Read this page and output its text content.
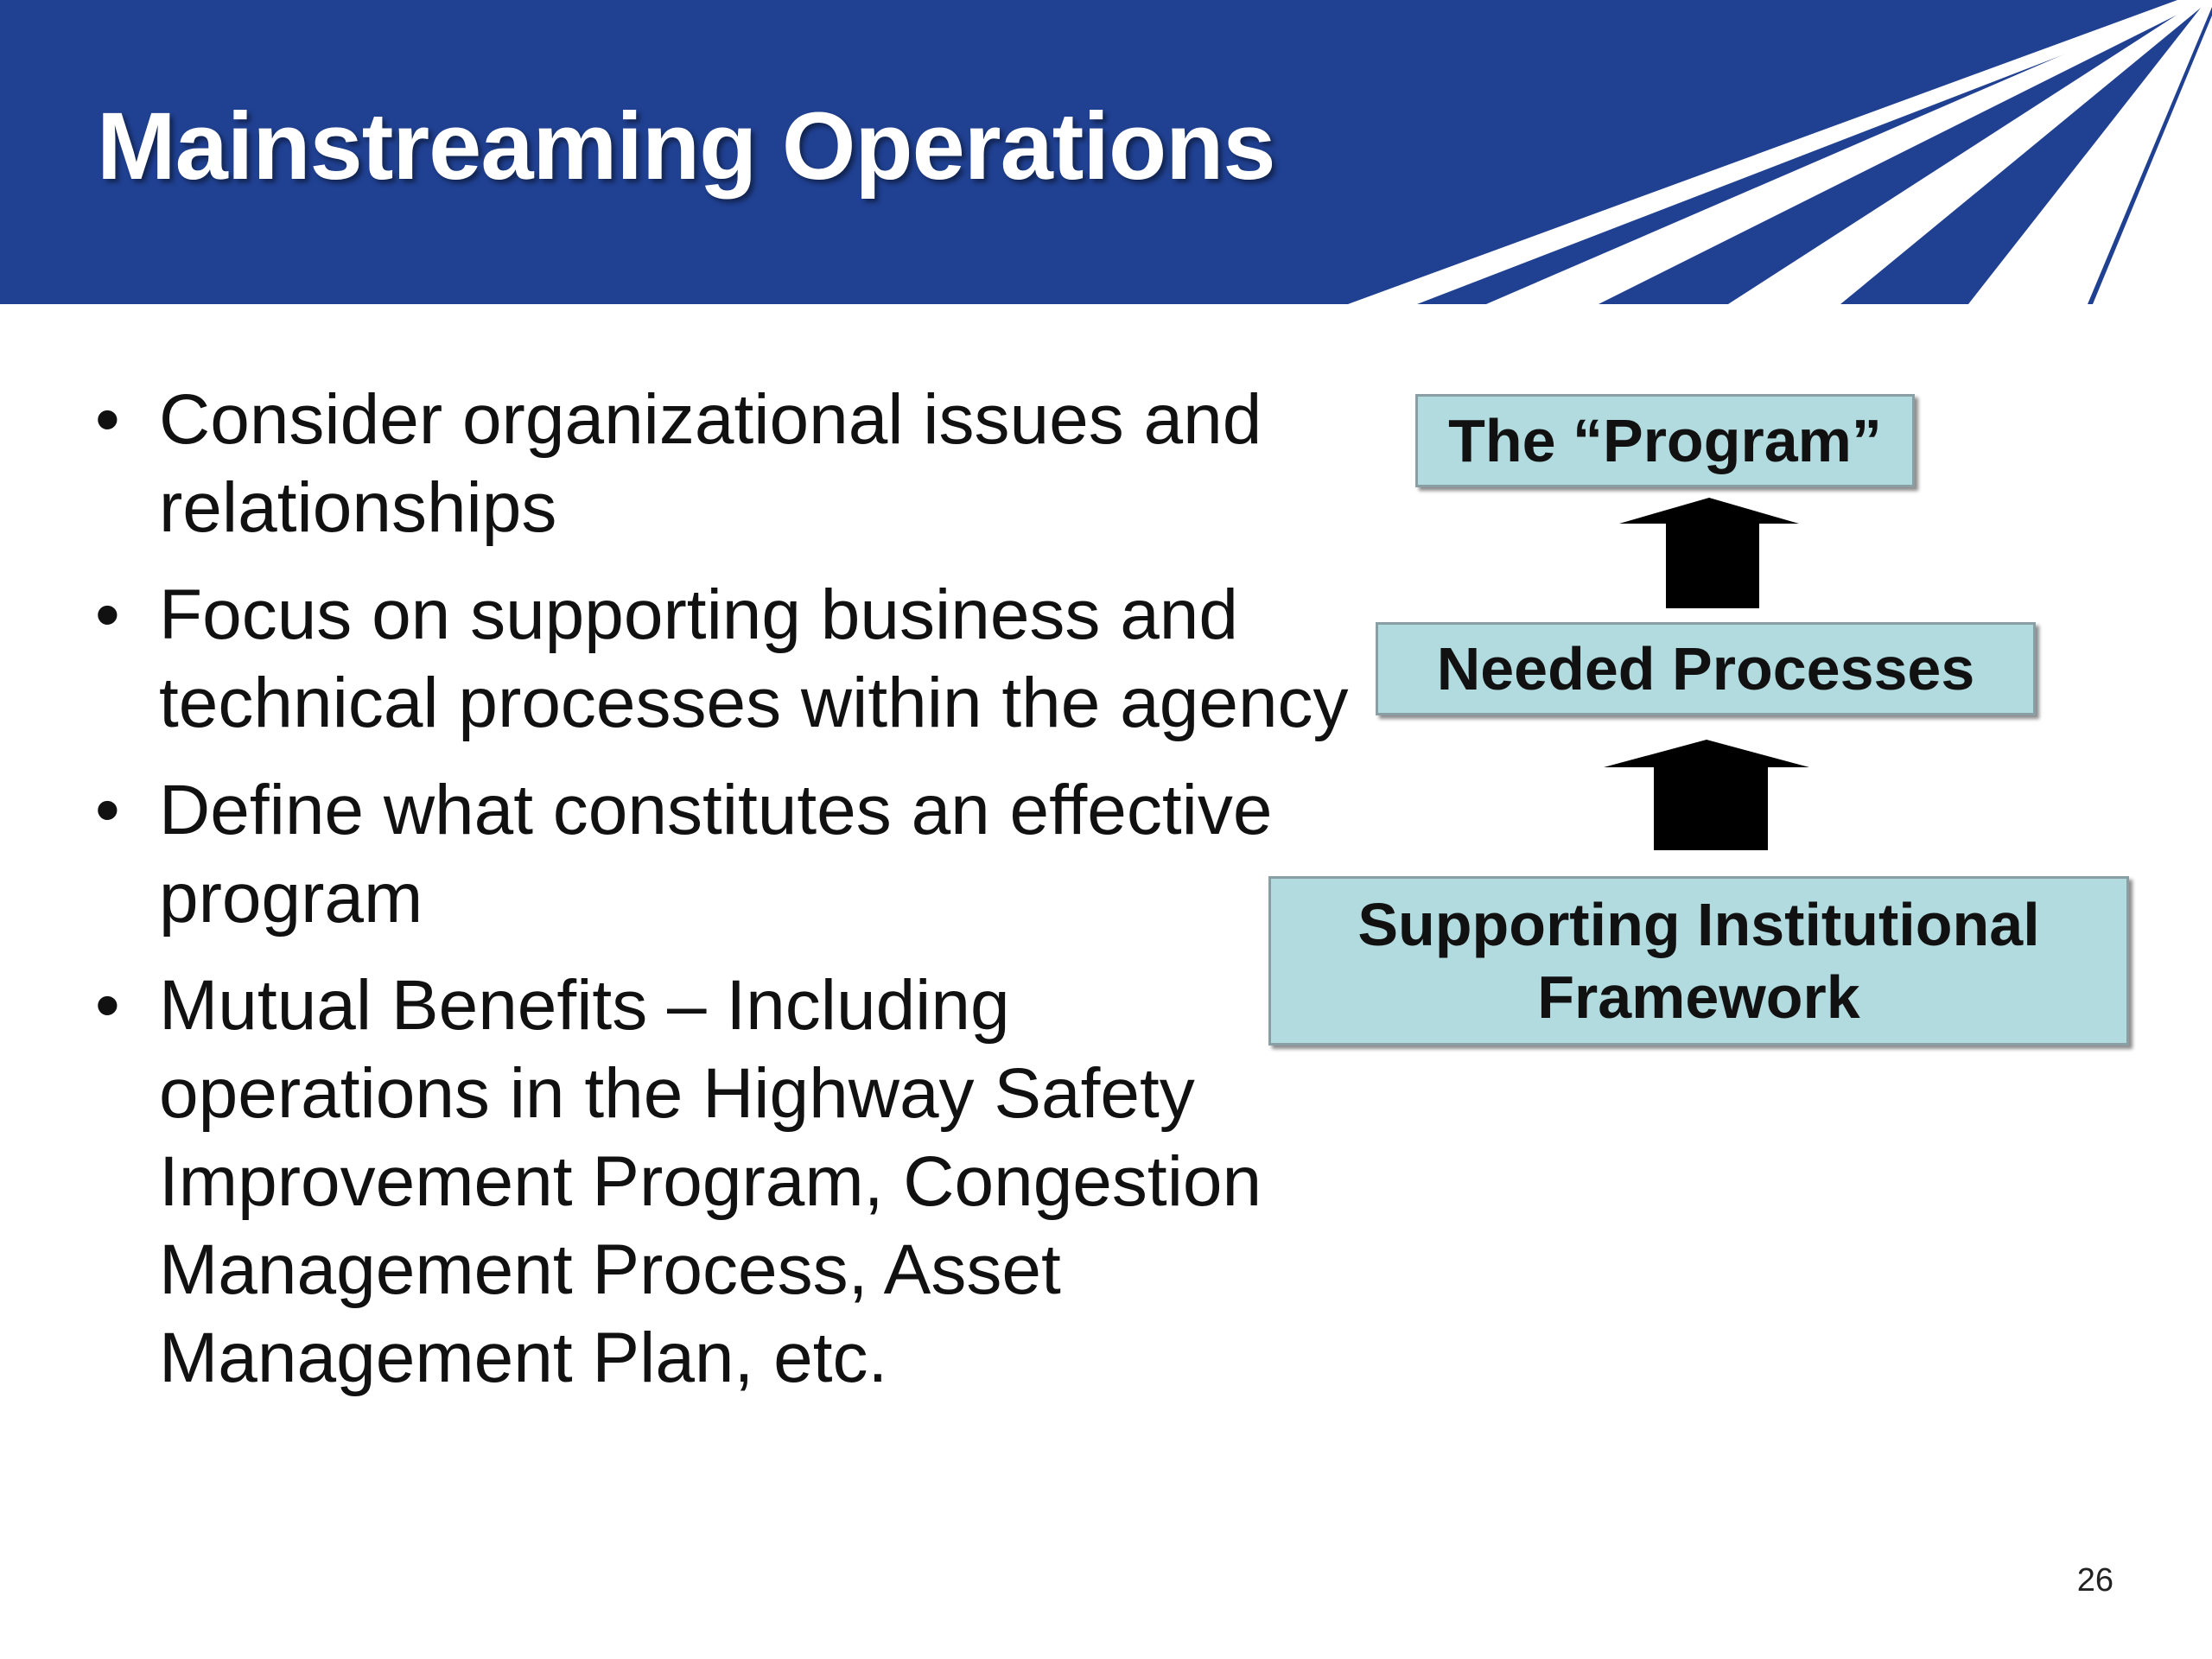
Mainstreaming Operations
• Consider organizational issues and relationships
• Focus on supporting business and technical processes within the agency
• Define what constitutes an effective program
• Mutual Benefits – Including operations in the Highway Safety Improvement Program, Congestion Management Process, Asset Management Plan, etc.
The “Program”
Needed Processes
Supporting Institutional
Framework
26
